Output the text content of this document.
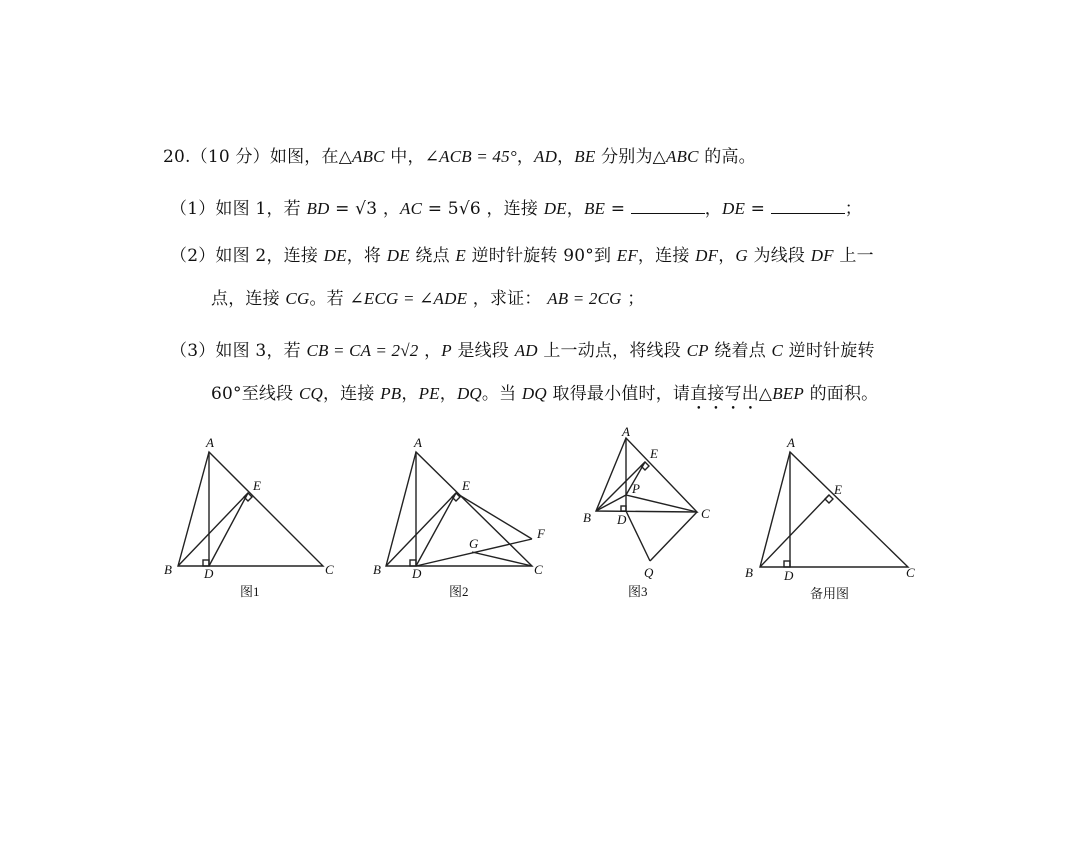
20.（10 分）如图，在△ABC 中，∠ACB = 45°，AD，BE 分别为△ABC 的高。
（1）如图 1，若 BD = √3 ，AC = 5√6 ，连接 DE，BE =	，DE =	；
（2）如图 2，连接 DE，将 DE 绕点 E 逆时针旋转 90°到 EF，连接 DF，G 为线段 DF 上一
点，连接 CG。若 ∠ECG = ∠ADE ，求证： AB = 2CG ；
（3）如图 3，若 CB = CA = 2√2 ，P 是线段 AD 上一动点，将线段 CP 绕着点 C 逆时针旋转
60°至线段 CQ，连接 PB，PE，DQ。当 DQ 取得最小值时，请直接写出△BEP 的面积。
A
B	C
D
E
图1
A
B	C
D
E
F
G
图2
A
B	C
D
E
P
Q
图3
A
B	C
D
E
备用图
